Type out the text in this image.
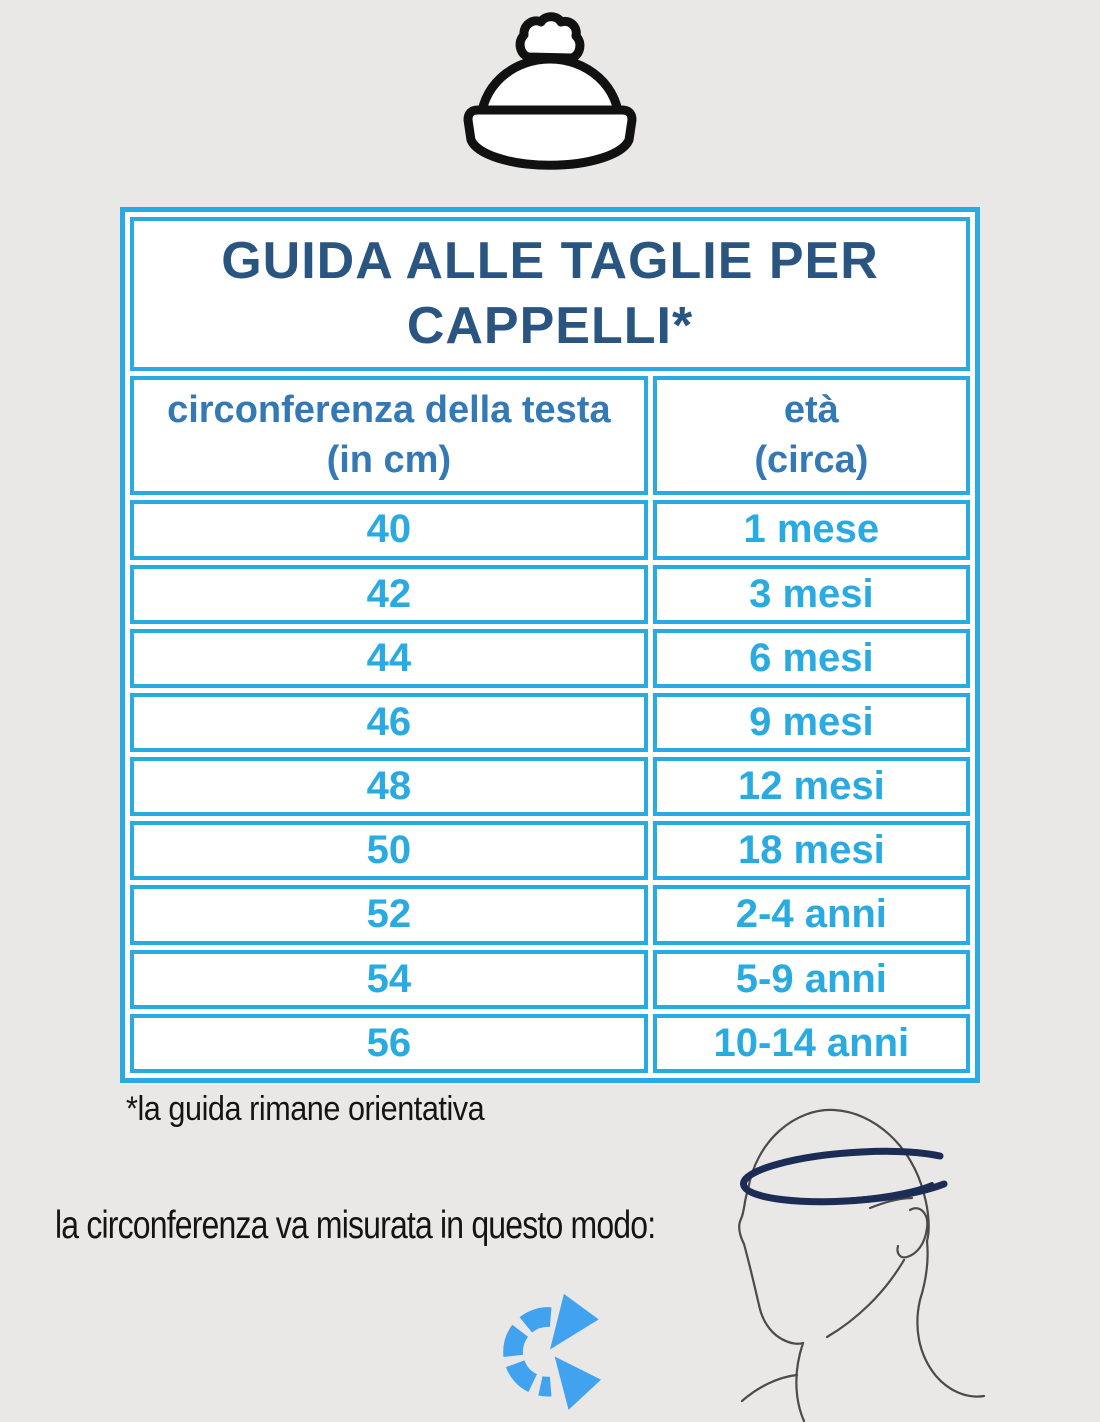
GUIDA ALLE TAGLIE PER
CAPPELLI*	

circonferenza della testa
(in cm)

età
(circa)

40	1 mese
42	3 mesi
44	6 mesi
46	9 mesi
48	12 mesi
50	18 mesi
52	2-4 anni
54	5-9 anni
56	10-14 anni
*la guida rimane orientativa
la circonferenza va misurata in questo modo:
